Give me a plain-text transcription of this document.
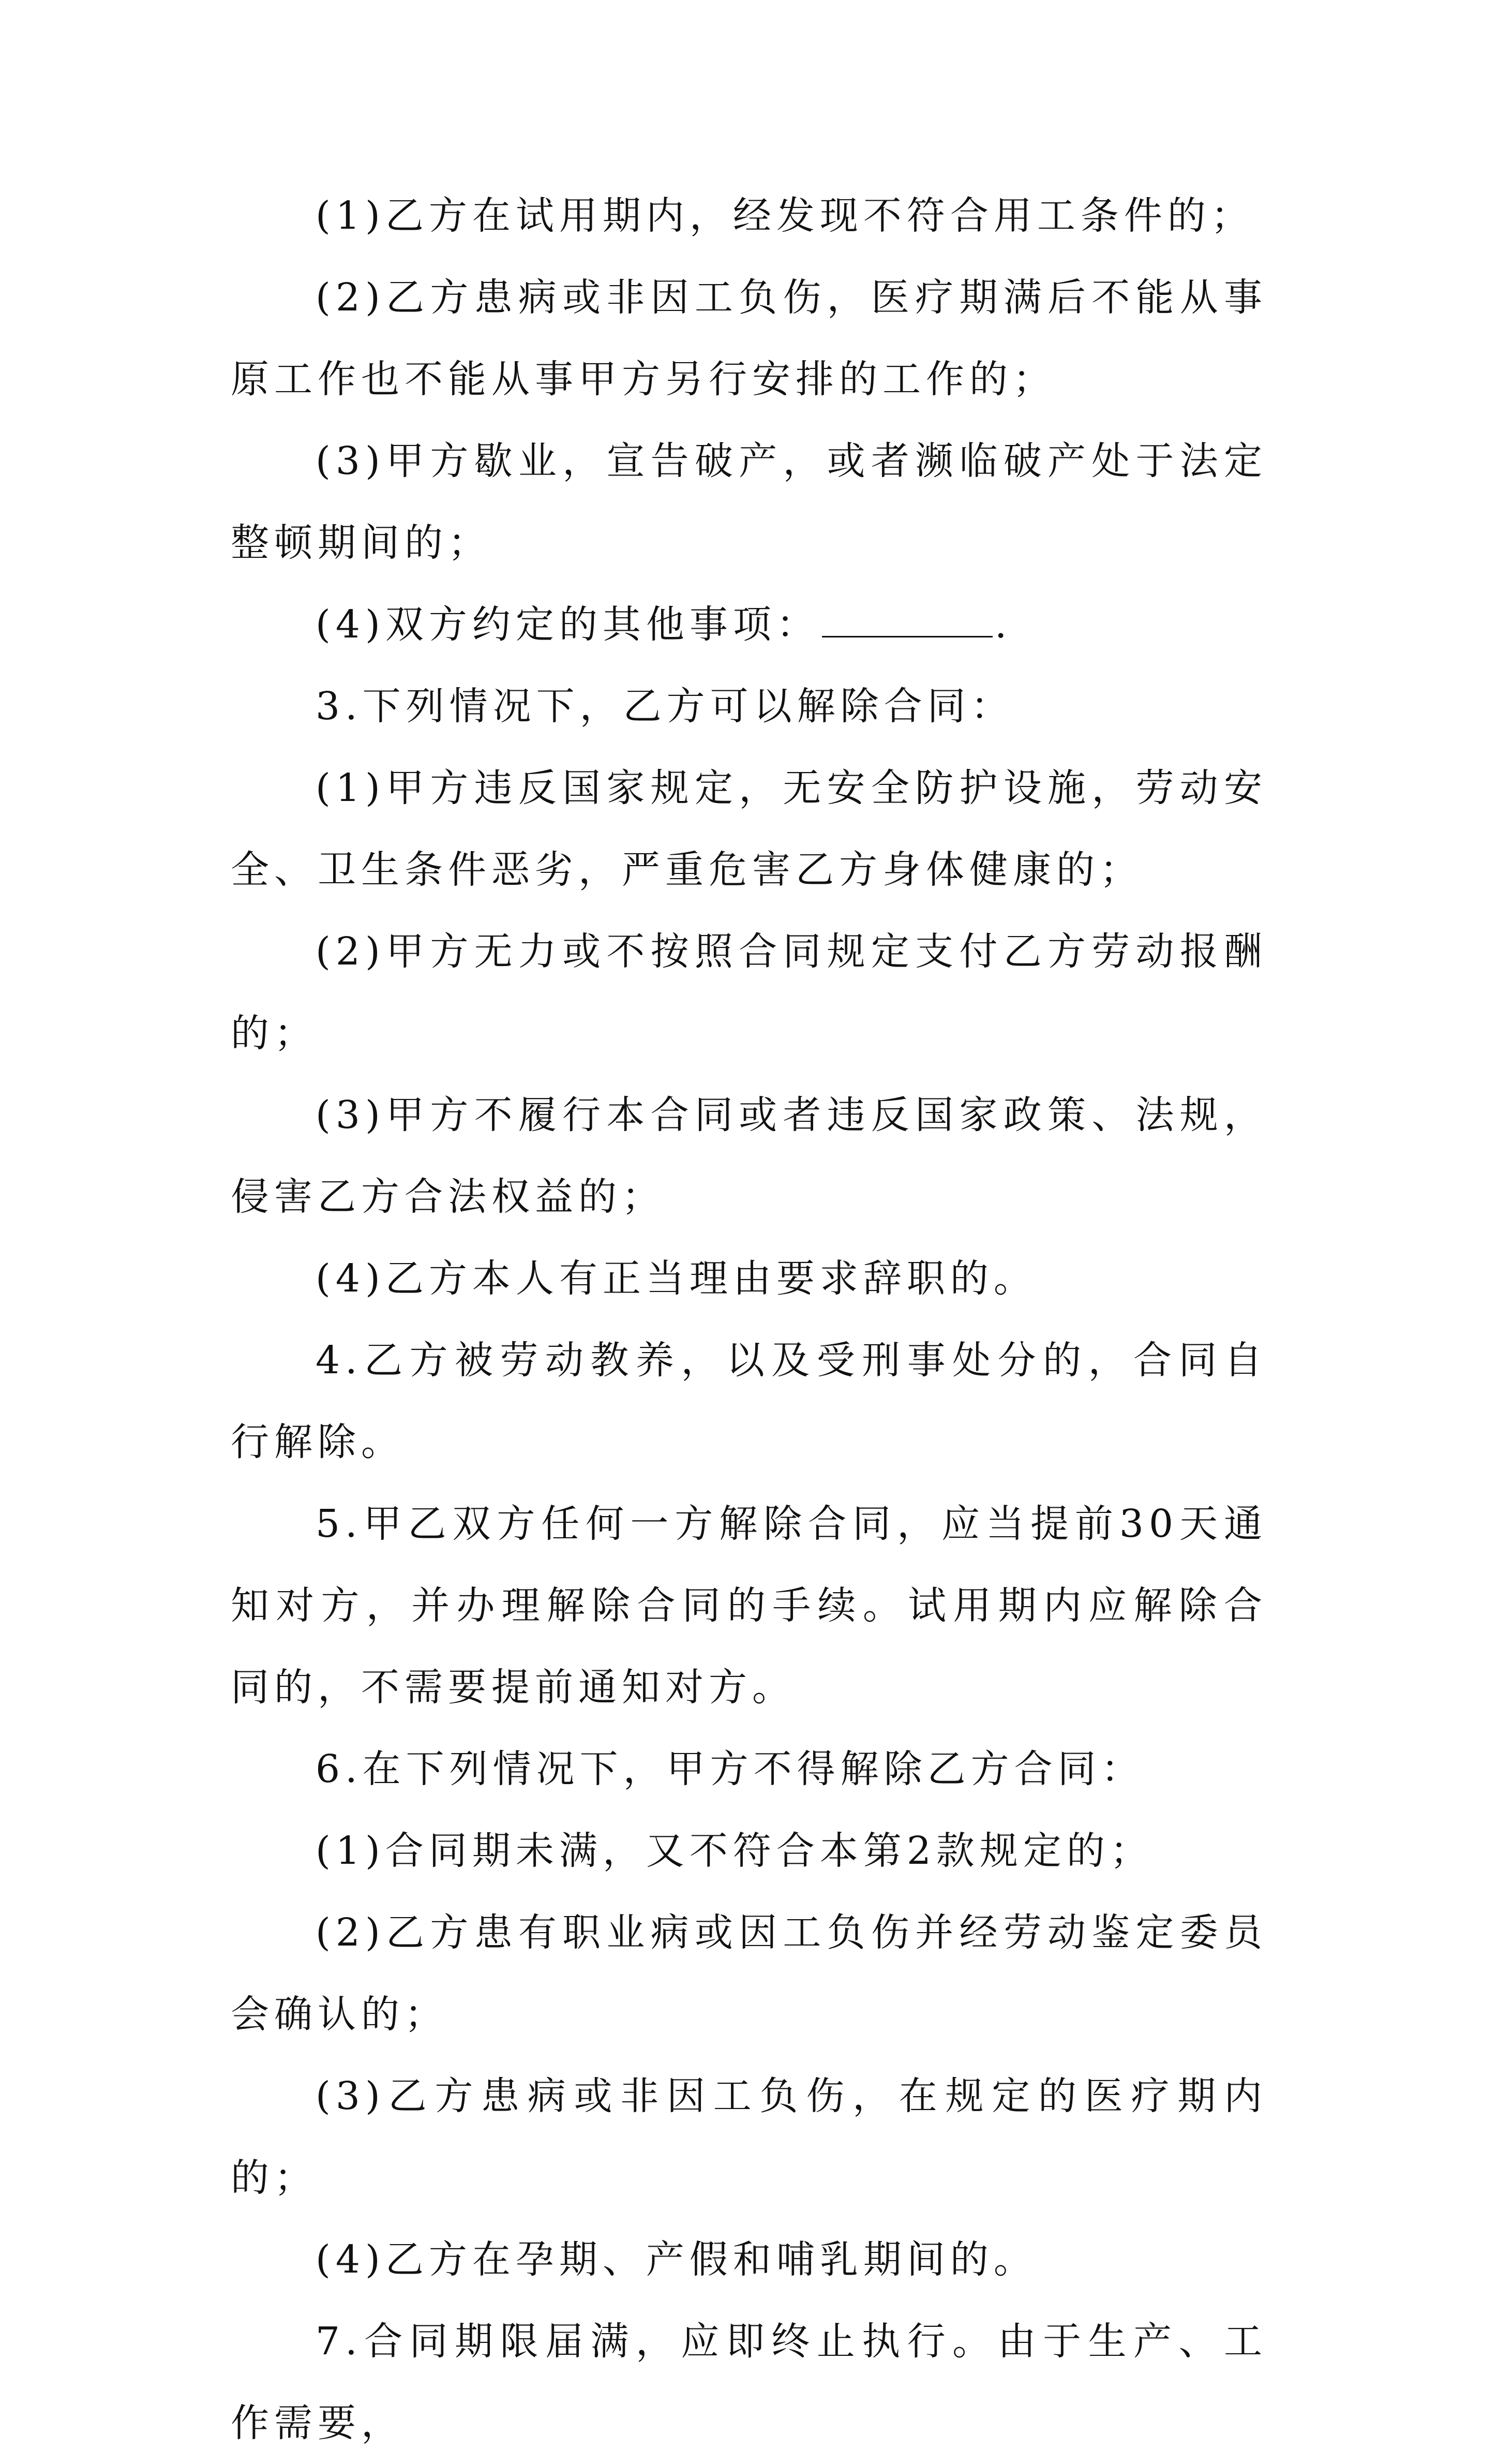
(1)乙方在试用期内，经发现不符合用工条件的；

(2)乙方患病或非因工负伤，医疗期满后不能从事原工作也不能从事甲方另行安排的工作的；

(3)甲方歇业，宣告破产，或者濒临破产处于法定整顿期间的；

(4)双方约定的其他事项：	.

3.下列情况下，乙方可以解除合同：

(1)甲方违反国家规定，无安全防护设施，劳动安全、卫生条件恶劣，严重危害乙方身体健康的；

(2)甲方无力或不按照合同规定支付乙方劳动报酬的；

(3)甲方不履行本合同或者违反国家政策、法规，侵害乙方合法权益的；

(4)乙方本人有正当理由要求辞职的。

4.乙方被劳动教养，以及受刑事处分的，合同自行解除。

5.甲乙双方任何一方解除合同，应当提前30天通知对方，并办理解除合同的手续。试用期内应解除合同的，不需要提前通知对方。

6.在下列情况下，甲方不得解除乙方合同：

(1)合同期未满，又不符合本第2款规定的；

(2)乙方患有职业病或因工负伤并经劳动鉴定委员会确认的；

(3)乙方患病或非因工负伤，在规定的医疗期内的；

(4)乙方在孕期、产假和哺乳期间的。

7.合同期限届满，应即终止执行。由于生产、工作需要，
